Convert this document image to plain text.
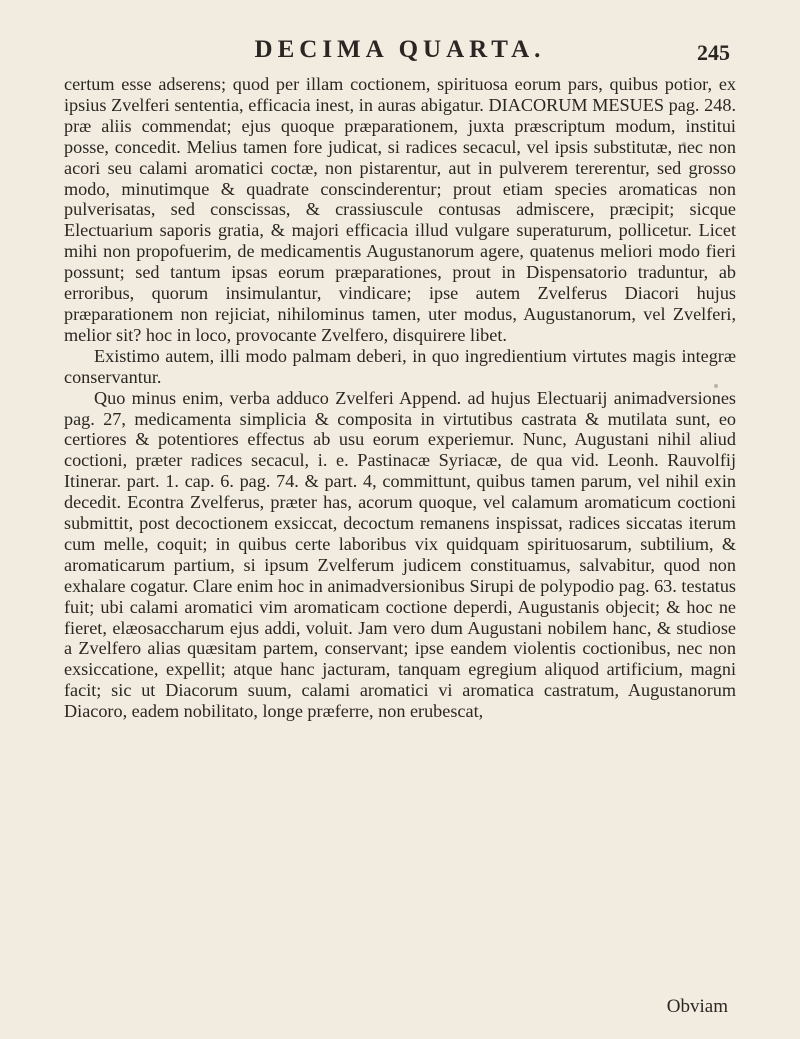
DECIMA QUARTA.	245

certum esse adserens; quod per illam coctionem, spirituosa eorum pars, quibus potior, ex ipsius Zvelferi sententia, efficacia inest, in auras abigatur. DIACORUM MESUES pag. 248. præ aliis commendat; ejus quoque præparationem, juxta præscriptum modum, institui posse, concedit. Melius tamen fore judicat, si radices secacul, vel ipsis substitutæ, nec non acori seu calami aromatici coctæ, non pistarentur, aut in pulverem tererentur, sed grosso modo, minutimque & quadrate conscinderentur; prout etiam species aromaticas non pulverisatas, sed conscissas, & crassiuscule contusas admiscere, præcipit; sicque Electuarium saporis gratia, & majori efficacia illud vulgare superaturum, pollicetur. Licet mihi non propofuerim, de medicamentis Augustanorum agere, quatenus meliori modo fieri possunt; sed tantum ipsas eorum præparationes, prout in Dispensatorio traduntur, ab erroribus, quorum insimulantur, vindicare; ipse autem Zvelferus Diacori hujus præparationem non rejiciat, nihilominus tamen, uter modus, Augustanorum, vel Zvelferi, melior sit? hoc in loco, provocante Zvelfero, disquirere libet.

Existimo autem, illi modo palmam deberi, in quo ingredientium virtutes magis integræ conservantur.

Quo minus enim, verba adduco Zvelferi Append. ad hujus Electuarij animadversiones pag. 27, medicamenta simplicia & composita in virtutibus castrata & mutilata sunt, eo certiores & potentiores effectus ab usu eorum experiemur. Nunc, Augustani nihil aliud coctioni, præter radices secacul, i. e. Pastinacæ Syriacæ, de qua vid. Leonh. Rauvolfij Itinerar. part. 1. cap. 6. pag. 74. & part. 4, committunt, quibus tamen parum, vel nihil exin decedit. Econtra Zvelferus, præter has, acorum quoque, vel calamum aromaticum coctioni submittit, post decoctionem exsiccat, decoctum remanens inspissat, radices siccatas iterum cum melle, coquit; in quibus certe laboribus vix quidquam spirituosarum, subtilium, & aromaticarum partium, si ipsum Zvelferum judicem constituamus, salvabitur, quod non exhalare cogatur. Clare enim hoc in animadversionibus Sirupi de polypodio pag. 63. testatus fuit; ubi calami aromatici vim aromaticam coctione deperdi, Augustanis objecit; & hoc ne fieret, elæosaccharum ejus addi, voluit. Jam vero dum Augustani nobilem hanc, & studiose a Zvelfero alias quæsitam partem, conservant; ipse eandem violentis coctionibus, nec non exsiccatione, expellit; atque hanc jacturam, tanquam egregium aliquod artificium, magni facit; sic ut Diacorum suum, calami aromatici vi aromatica castratum, Augustanorum Diacoro, eadem nobilitato, longe præferre, non erubescat,

Obviam
